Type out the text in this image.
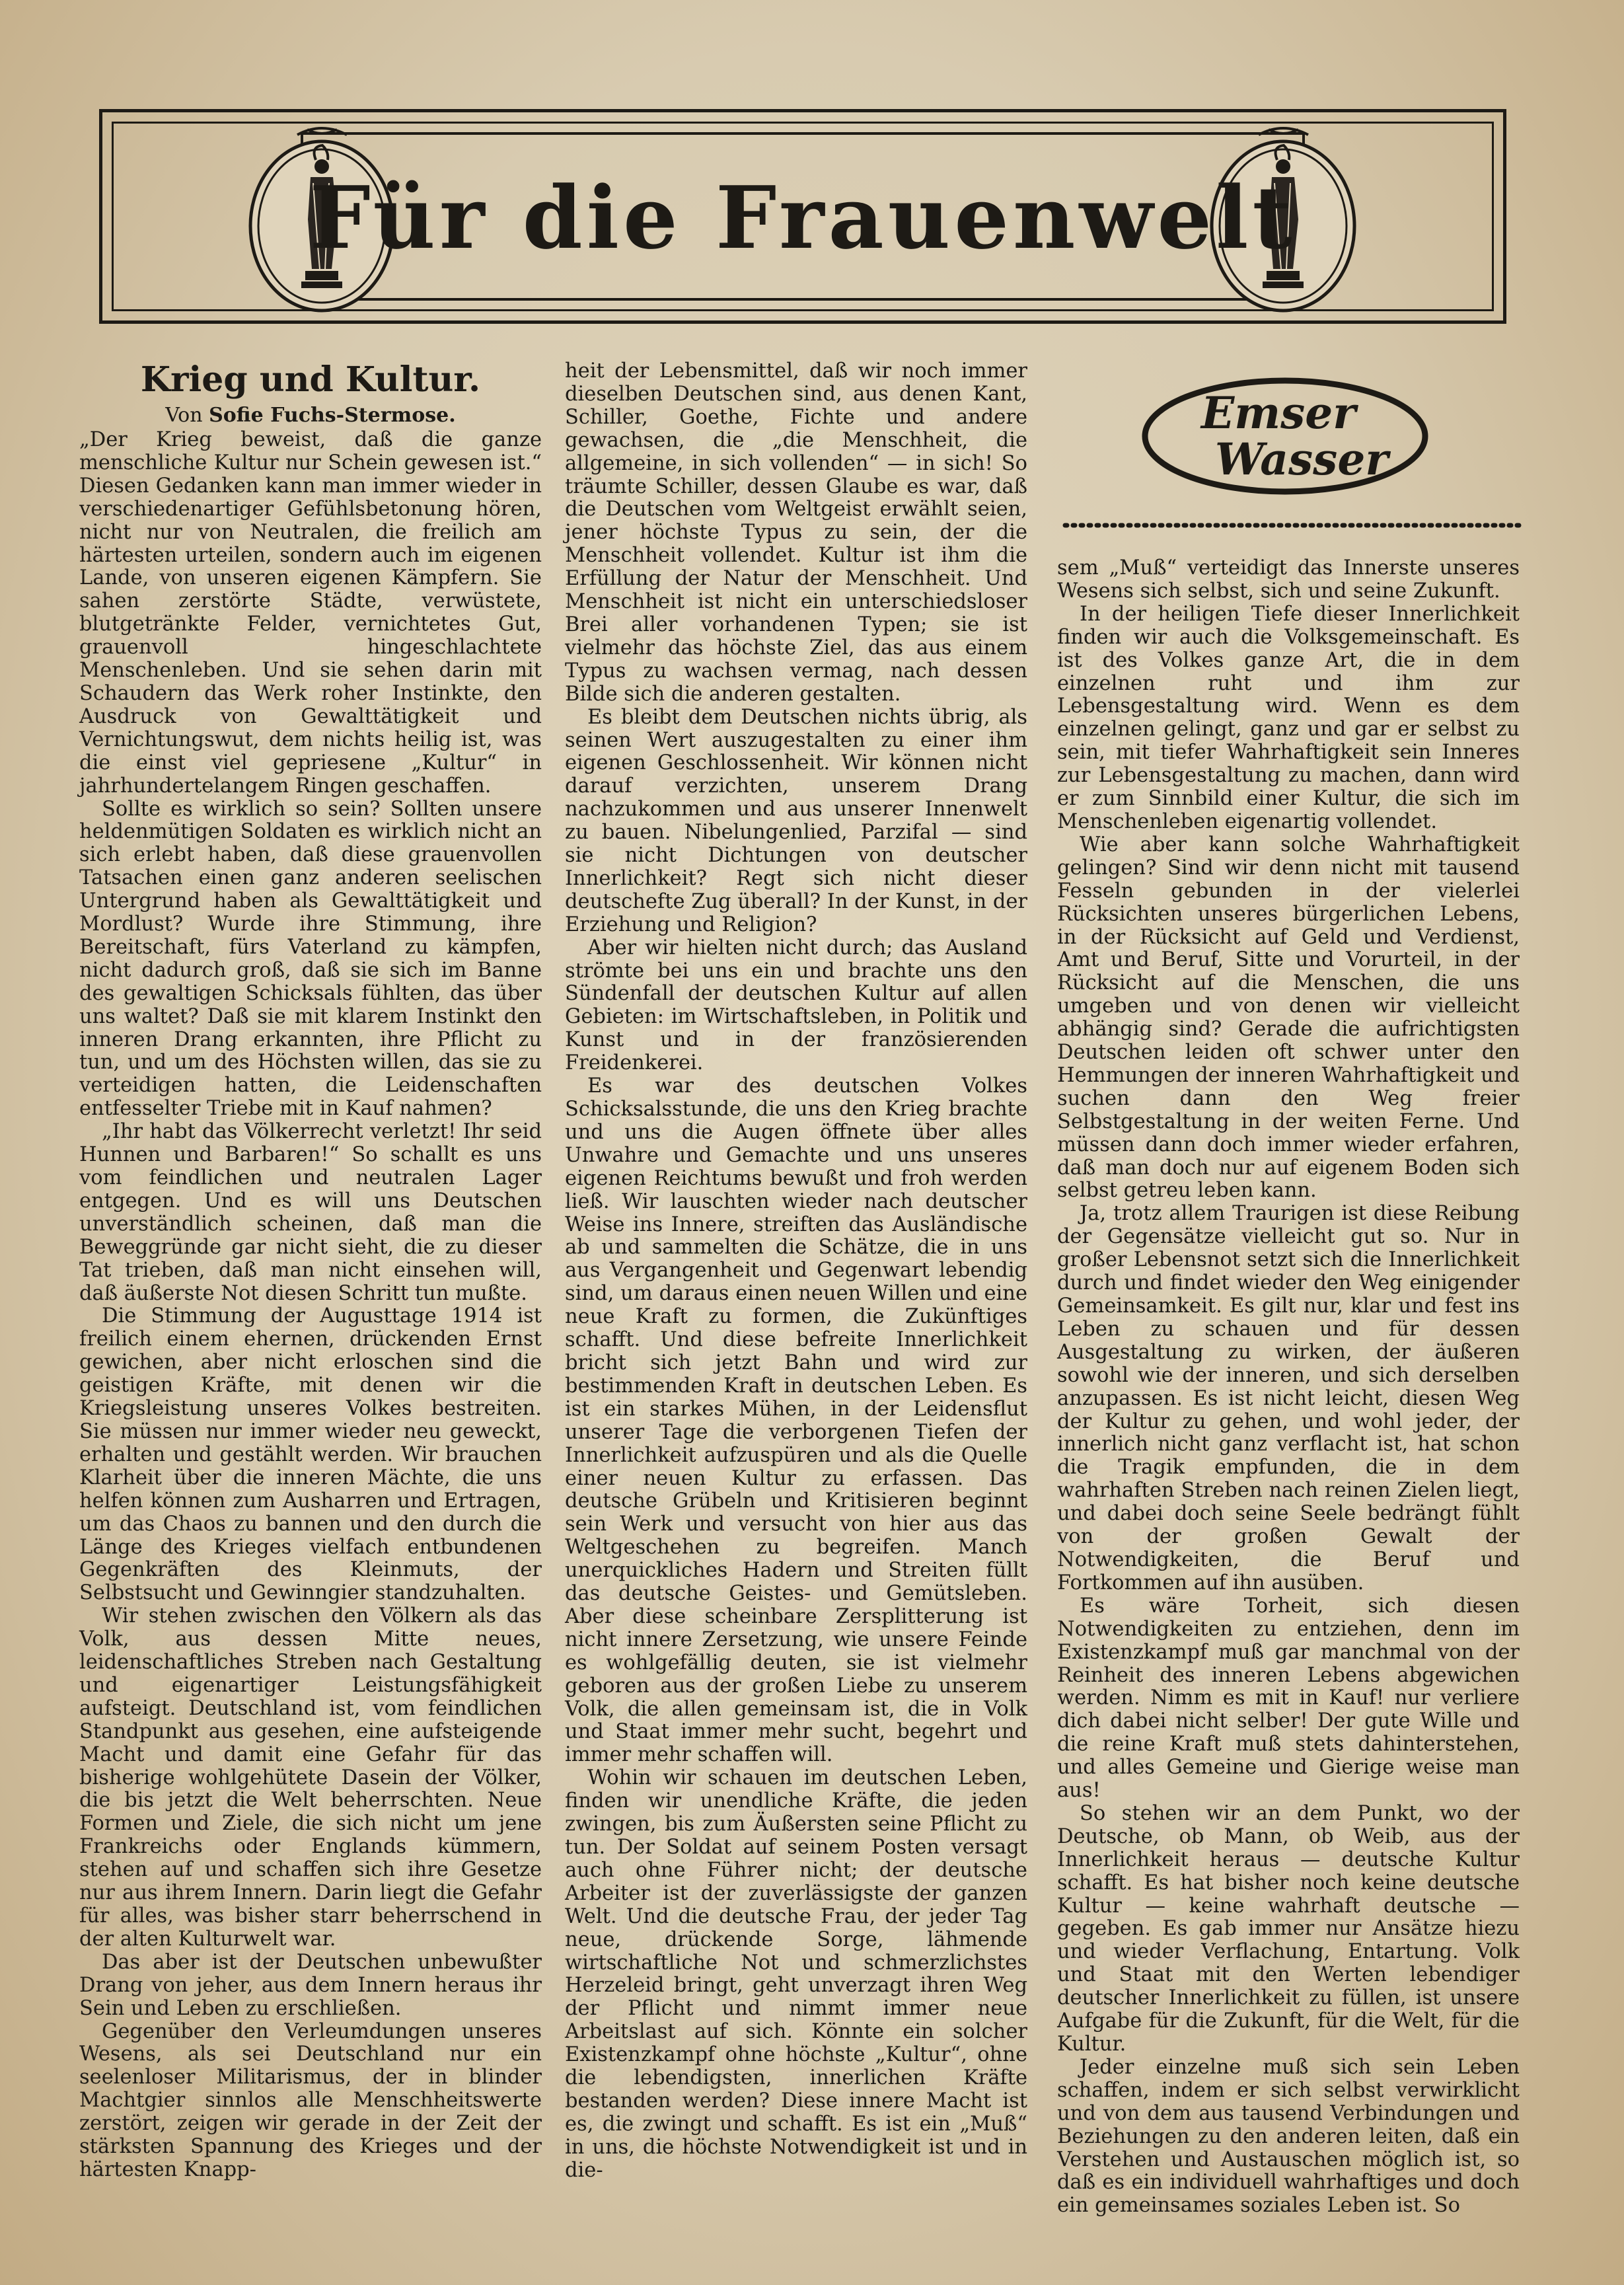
Für die Frauenwelt
Krieg und Kultur.
Von Sofie Fuchs-Stermose.

„Der Krieg beweist, daß die ganze menschliche Kultur nur Schein gewesen ist.“ Diesen Gedanken kann man immer wieder in verschiedenartiger Gefühlsbetonung hören, nicht nur von Neutralen, die freilich am härtesten urteilen, sondern auch im eigenen Lande, von unseren eigenen Kämpfern. Sie sahen zerstörte Städte, verwüstete, blutgetränkte Felder, vernichtetes Gut, grauenvoll hingeschlachtete Menschenleben. Und sie sehen darin mit Schaudern das Werk roher Instinkte, den Ausdruck von Gewalttätigkeit und Vernichtungswut, dem nichts heilig ist, was die einst viel gepriesene „Kultur“ in jahrhundertelangem Ringen geschaffen.

Sollte es wirklich so sein? Sollten unsere heldenmütigen Soldaten es wirklich nicht an sich erlebt haben, daß diese grauenvollen Tatsachen einen ganz anderen seelischen Untergrund haben als Gewalttätigkeit und Mordlust? Wurde ihre Stimmung, ihre Bereitschaft, fürs Vaterland zu kämpfen, nicht dadurch groß, daß sie sich im Banne des gewaltigen Schicksals fühlten, das über uns waltet? Daß sie mit klarem Instinkt den inneren Drang erkannten, ihre Pflicht zu tun, und um des Höchsten willen, das sie zu verteidigen hatten, die Leidenschaften entfesselter Triebe mit in Kauf nahmen?

„Ihr habt das Völkerrecht verletzt! Ihr seid Hunnen und Barbaren!“ So schallt es uns vom feindlichen und neutralen Lager entgegen. Und es will uns Deutschen unverständlich scheinen, daß man die Beweggründe gar nicht sieht, die zu dieser Tat trieben, daß man nicht einsehen will, daß äußerste Not diesen Schritt tun mußte.

Die Stimmung der Augusttage 1914 ist freilich einem ehernen, drückenden Ernst gewichen, aber nicht erloschen sind die geistigen Kräfte, mit denen wir die Kriegsleistung unseres Volkes bestreiten. Sie müssen nur immer wieder neu geweckt, erhalten und gestählt werden. Wir brauchen Klarheit über die inneren Mächte, die uns helfen können zum Ausharren und Ertragen, um das Chaos zu bannen und den durch die Länge des Krieges vielfach entbundenen Gegenkräften des Kleinmuts, der Selbstsucht und Gewinngier standzuhalten.

Wir stehen zwischen den Völkern als das Volk, aus dessen Mitte neues, leidenschaftliches Streben nach Gestaltung und eigenartiger Leistungsfähigkeit aufsteigt. Deutschland ist, vom feindlichen Standpunkt aus gesehen, eine aufsteigende Macht und damit eine Gefahr für das bisherige wohlgehütete Dasein der Völker, die bis jetzt die Welt beherrschten. Neue Formen und Ziele, die sich nicht um jene Frankreichs oder Englands kümmern, stehen auf und schaffen sich ihre Gesetze nur aus ihrem Innern. Darin liegt die Gefahr für alles, was bisher starr beherrschend in der alten Kulturwelt war.

Das aber ist der Deutschen unbewußter Drang von jeher, aus dem Innern heraus ihr Sein und Leben zu erschließen.

Gegenüber den Verleumdungen unseres Wesens, als sei Deutschland nur ein seelenloser Militarismus, der in blinder Machtgier sinnlos alle Menschheitswerte zerstört, zeigen wir gerade in der Zeit der stärksten Spannung des Krieges und der härtesten Knapp-

heit der Lebensmittel, daß wir noch immer dieselben Deutschen sind, aus denen Kant, Schiller, Goethe, Fichte und andere gewachsen, die „die Menschheit, die allgemeine, in sich vollenden“ — in sich! So träumte Schiller, dessen Glaube es war, daß die Deutschen vom Weltgeist erwählt seien, jener höchste Typus zu sein, der die Menschheit vollendet. Kultur ist ihm die Erfüllung der Natur der Menschheit. Und Menschheit ist nicht ein unterschiedsloser Brei aller vorhandenen Typen; sie ist vielmehr das höchste Ziel, das aus einem Typus zu wachsen vermag, nach dessen Bilde sich die anderen gestalten.

Es bleibt dem Deutschen nichts übrig, als seinen Wert auszugestalten zu einer ihm eigenen Geschlossenheit. Wir können nicht darauf verzichten, unserem Drang nachzukommen und aus unserer Innenwelt zu bauen. Nibelungenlied, Parzifal — sind sie nicht Dichtungen von deutscher Innerlichkeit? Regt sich nicht dieser deutschefte Zug überall? In der Kunst, in der Erziehung und Religion?

Aber wir hielten nicht durch; das Ausland strömte bei uns ein und brachte uns den Sündenfall der deutschen Kultur auf allen Gebieten: im Wirtschaftsleben, in Politik und Kunst und in der französierenden Freidenkerei.

Es war des deutschen Volkes Schicksalsstunde, die uns den Krieg brachte und uns die Augen öffnete über alles Unwahre und Gemachte und uns unseres eigenen Reichtums bewußt und froh werden ließ. Wir lauschten wieder nach deutscher Weise ins Innere, streiften das Ausländische ab und sammelten die Schätze, die in uns aus Vergangenheit und Gegenwart lebendig sind, um daraus einen neuen Willen und eine neue Kraft zu formen, die Zukünftiges schafft. Und diese befreite Innerlichkeit bricht sich jetzt Bahn und wird zur bestimmenden Kraft in deutschen Leben. Es ist ein starkes Mühen, in der Leidensflut unserer Tage die verborgenen Tiefen der Innerlichkeit aufzuspüren und als die Quelle einer neuen Kultur zu erfassen. Das deutsche Grübeln und Kritisieren beginnt sein Werk und versucht von hier aus das Weltgeschehen zu begreifen. Manch unerquickliches Hadern und Streiten füllt das deutsche Geistes- und Gemütsleben. Aber diese scheinbare Zersplitterung ist nicht innere Zersetzung, wie unsere Feinde es wohlgefällig deuten, sie ist vielmehr geboren aus der großen Liebe zu unserem Volk, die allen gemeinsam ist, die in Volk und Staat immer mehr sucht, begehrt und immer mehr schaffen will.

Wohin wir schauen im deutschen Leben, finden wir unendliche Kräfte, die jeden zwingen, bis zum Äußersten seine Pflicht zu tun. Der Soldat auf seinem Posten versagt auch ohne Führer nicht; der deutsche Arbeiter ist der zuverlässigste der ganzen Welt. Und die deutsche Frau, der jeder Tag neue, drückende Sorge, lähmende wirtschaftliche Not und schmerzlichstes Herzeleid bringt, geht unverzagt ihren Weg der Pflicht und nimmt immer neue Arbeitslast auf sich. Könnte ein solcher Existenzkampf ohne höchste „Kultur“, ohne die lebendigsten, innerlichen Kräfte bestanden werden? Diese innere Macht ist es, die zwingt und schafft. Es ist ein „Muß“ in uns, die höchste Notwendigkeit ist und in die-

Emser
Wasser

sem „Muß“ verteidigt das Innerste unseres Wesens sich selbst, sich und seine Zukunft.

In der heiligen Tiefe dieser Innerlichkeit finden wir auch die Volksgemeinschaft. Es ist des Volkes ganze Art, die in dem einzelnen ruht und ihm zur Lebensgestaltung wird. Wenn es dem einzelnen gelingt, ganz und gar er selbst zu sein, mit tiefer Wahrhaftigkeit sein Inneres zur Lebensgestaltung zu machen, dann wird er zum Sinnbild einer Kultur, die sich im Menschenleben eigenartig vollendet.

Wie aber kann solche Wahrhaftigkeit gelingen? Sind wir denn nicht mit tausend Fesseln gebunden in der vielerlei Rücksichten unseres bürgerlichen Lebens, in der Rücksicht auf Geld und Verdienst, Amt und Beruf, Sitte und Vorurteil, in der Rücksicht auf die Menschen, die uns umgeben und von denen wir vielleicht abhängig sind? Gerade die aufrichtigsten Deutschen leiden oft schwer unter den Hemmungen der inneren Wahrhaftigkeit und suchen dann den Weg freier Selbstgestaltung in der weiten Ferne. Und müssen dann doch immer wieder erfahren, daß man doch nur auf eigenem Boden sich selbst getreu leben kann.

Ja, trotz allem Traurigen ist diese Reibung der Gegensätze vielleicht gut so. Nur in großer Lebensnot setzt sich die Innerlichkeit durch und findet wieder den Weg einigender Gemeinsamkeit. Es gilt nur, klar und fest ins Leben zu schauen und für dessen Ausgestaltung zu wirken, der äußeren sowohl wie der inneren, und sich derselben anzupassen. Es ist nicht leicht, diesen Weg der Kultur zu gehen, und wohl jeder, der innerlich nicht ganz verflacht ist, hat schon die Tragik empfunden, die in dem wahrhaften Streben nach reinen Zielen liegt, und dabei doch seine Seele bedrängt fühlt von der großen Gewalt der Notwendigkeiten, die Beruf und Fortkommen auf ihn ausüben.

Es wäre Torheit, sich diesen Notwendigkeiten zu entziehen, denn im Existenzkampf muß gar manchmal von der Reinheit des inneren Lebens abgewichen werden. Nimm es mit in Kauf! nur verliere dich dabei nicht selber! Der gute Wille und die reine Kraft muß stets dahinterstehen, und alles Gemeine und Gierige weise man aus!

So stehen wir an dem Punkt, wo der Deutsche, ob Mann, ob Weib, aus der Innerlichkeit heraus — deutsche Kultur schafft. Es hat bisher noch keine deutsche Kultur — keine wahrhaft deutsche — gegeben. Es gab immer nur Ansätze hiezu und wieder Verflachung, Entartung. Volk und Staat mit den Werten lebendiger deutscher Innerlichkeit zu füllen, ist unsere Aufgabe für die Zukunft, für die Welt, für die Kultur.

Jeder einzelne muß sich sein Leben schaffen, indem er sich selbst verwirklicht und von dem aus tausend Verbindungen und Beziehungen zu den anderen leiten, daß ein Verstehen und Austauschen möglich ist, so daß es ein individuell wahrhaftiges und doch ein gemeinsames soziales Leben ist. So
